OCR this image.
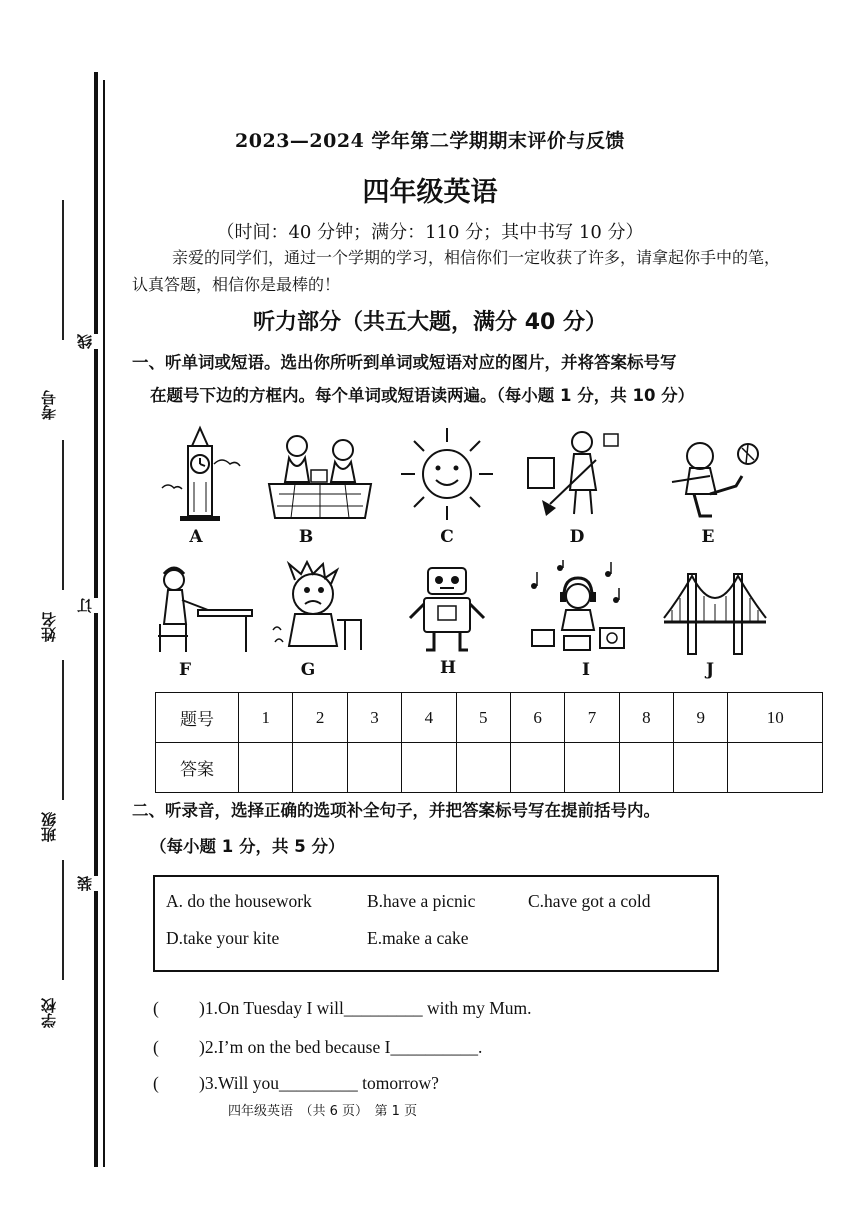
考号
姓名
班级
学校
线
订
装
2023—2024 学年第二学期期末评价与反馈
四年级英语
（时间：40 分钟；满分：110 分；其中书写 10 分）
亲爱的同学们，通过一个学期的学习，相信你们一定收获了许多，请拿起你手中的笔，认真答题，相信你是最棒的！
听力部分（共五大题，满分 40 分）
一、听单词或短语。选出你所听到单词或短语对应的图片，并将答案标号写
在题号下边的方框内。每个单词或短语读两遍。（每小题 1 分，共 10 分）
A	B	C	D	E
F	G	H	I	J
题号	1	2	3	4	5	6	7	8	9	10
答案										
二、听录音，选择正确的选项补全句子，并把答案标号写在提前括号内。
（每小题 1 分，共 5 分）
A. do the housework	B.have a picnic	C.have got a cold
D.take your kite	E.make a cake
( )1.On Tuesday I will_________ with my Mum.
( )2.I’m on the bed because I__________.
( )3.Will you_________ tomorrow?
四年级英语　（共 6 页）　第 1 页
